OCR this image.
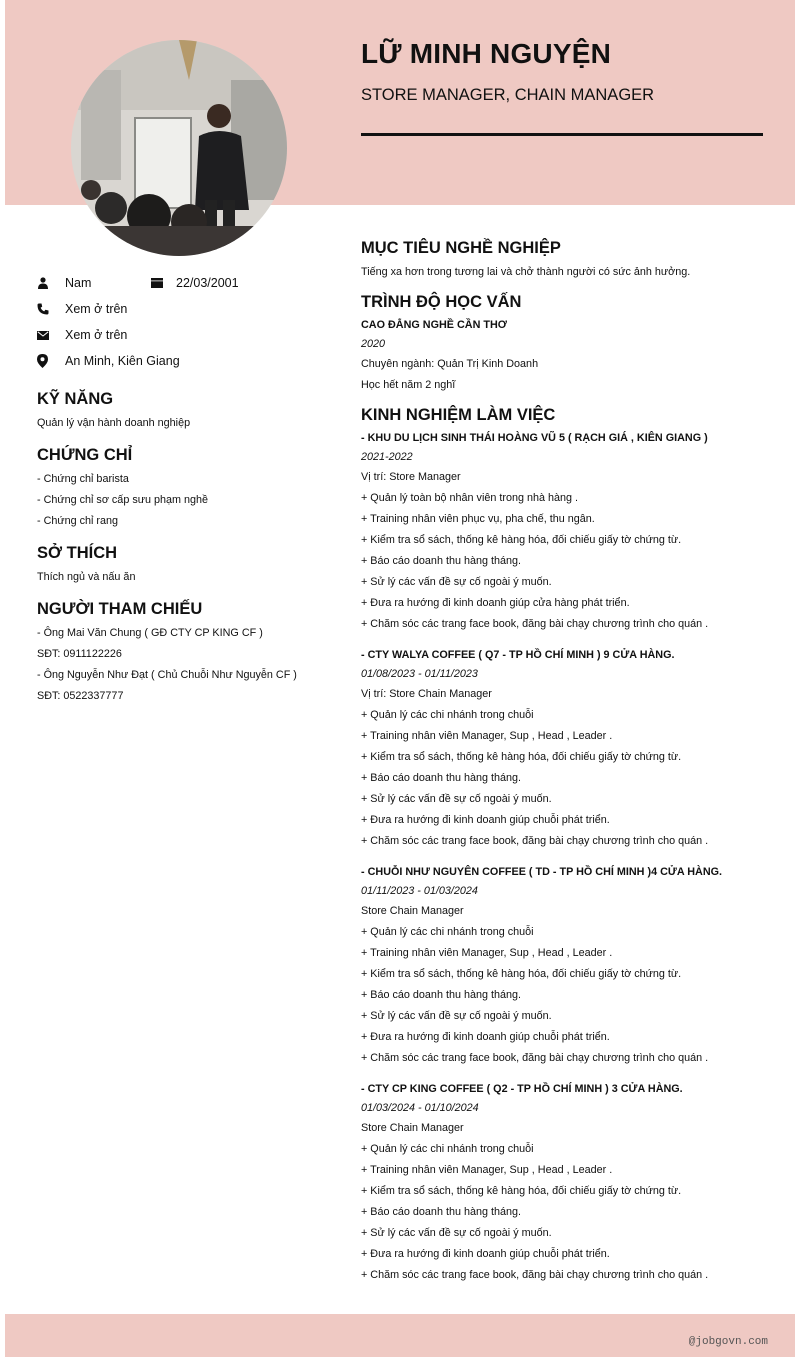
LỮ MINH NGUYỆN
STORE MANAGER, CHAIN MANAGER
Nam	22/03/2001
Xem ở trên
Xem ở trên
An Minh, Kiên Giang
KỸ NĂNG
Quản lý vận hành doanh nghiệp
CHỨNG CHỈ
- Chứng chỉ barista
- Chứng chỉ sơ cấp sưu phạm nghề
- Chứng chỉ rang
SỞ THÍCH
Thích ngủ và nấu ăn
NGƯỜI THAM CHIẾU
- Ông Mai Văn Chung ( GĐ CTY CP KING CF )
SĐT: 0911122226
- Ông Nguyễn Như Đạt ( Chủ Chuỗi Như Nguyễn CF )
SĐT: 0522337777
MỤC TIÊU NGHỀ NGHIỆP
Tiếng xa hơn trong tương lai và chở thành người có sức ảnh hưởng.
TRÌNH ĐỘ HỌC VẤN
CAO ĐẲNG NGHỀ CẦN THƠ
2020
Chuyên ngành: Quản Trị Kinh Doanh
Học hết năm 2 nghĩ
KINH NGHIỆM LÀM VIỆC
- KHU DU LỊCH SINH THÁI HOÀNG VŨ 5 ( RẠCH GIÁ , KIÊN GIANG )
2021-2022
Vị trí: Store Manager
+ Quản lý toàn bộ nhân viên trong nhà hàng .
+ Training nhân viên phục vụ, pha chế, thu ngân.
+ Kiểm tra sổ sách, thống kê hàng hóa, đối chiếu giấy tờ chứng từ.
+ Báo cáo doanh thu hàng tháng.
+ Sử lý các vấn đề sự cố ngoài ý muốn.
+ Đưa ra hướng đi kinh doanh giúp cửa hàng phát triển.
+ Chăm sóc các trang face book, đăng bài chạy chương trình cho quán .
- CTY WALYA COFFEE ( Q7 - TP HỒ CHÍ MINH ) 9 CỬA HÀNG.
01/08/2023 - 01/11/2023
Vị trí: Store Chain Manager
+ Quản lý các chi nhánh trong chuỗi
+ Training nhân viên Manager, Sup , Head , Leader .
+ Kiểm tra sổ sách, thống kê hàng hóa, đối chiếu giấy tờ chứng từ.
+ Báo cáo doanh thu hàng tháng.
+ Sử lý các vấn đề sự cố ngoài ý muốn.
+ Đưa ra hướng đi kinh doanh giúp chuỗi phát triển.
+ Chăm sóc các trang face book, đăng bài chạy chương trình cho quán .
- CHUỖI NHƯ NGUYÊN COFFEE ( TD - TP HỒ CHÍ MINH )4 CỬA HÀNG.
01/11/2023 - 01/03/2024
Store Chain Manager
+ Quản lý các chi nhánh trong chuỗi
+ Training nhân viên Manager, Sup , Head , Leader .
+ Kiểm tra sổ sách, thống kê hàng hóa, đối chiếu giấy tờ chứng từ.
+ Báo cáo doanh thu hàng tháng.
+ Sử lý các vấn đề sự cố ngoài ý muốn.
+ Đưa ra hướng đi kinh doanh giúp chuỗi phát triển.
+ Chăm sóc các trang face book, đăng bài chạy chương trình cho quán .
- CTY CP KING COFFEE ( Q2 - TP HỒ CHÍ MINH ) 3 CỬA HÀNG.
01/03/2024 - 01/10/2024
Store Chain Manager
+ Quản lý các chi nhánh trong chuỗi
+ Training nhân viên Manager, Sup , Head , Leader .
+ Kiểm tra sổ sách, thống kê hàng hóa, đối chiếu giấy tờ chứng từ.
+ Báo cáo doanh thu hàng tháng.
+ Sử lý các vấn đề sự cố ngoài ý muốn.
+ Đưa ra hướng đi kinh doanh giúp chuỗi phát triển.
+ Chăm sóc các trang face book, đăng bài chạy chương trình cho quán .
@jobgovn.com
